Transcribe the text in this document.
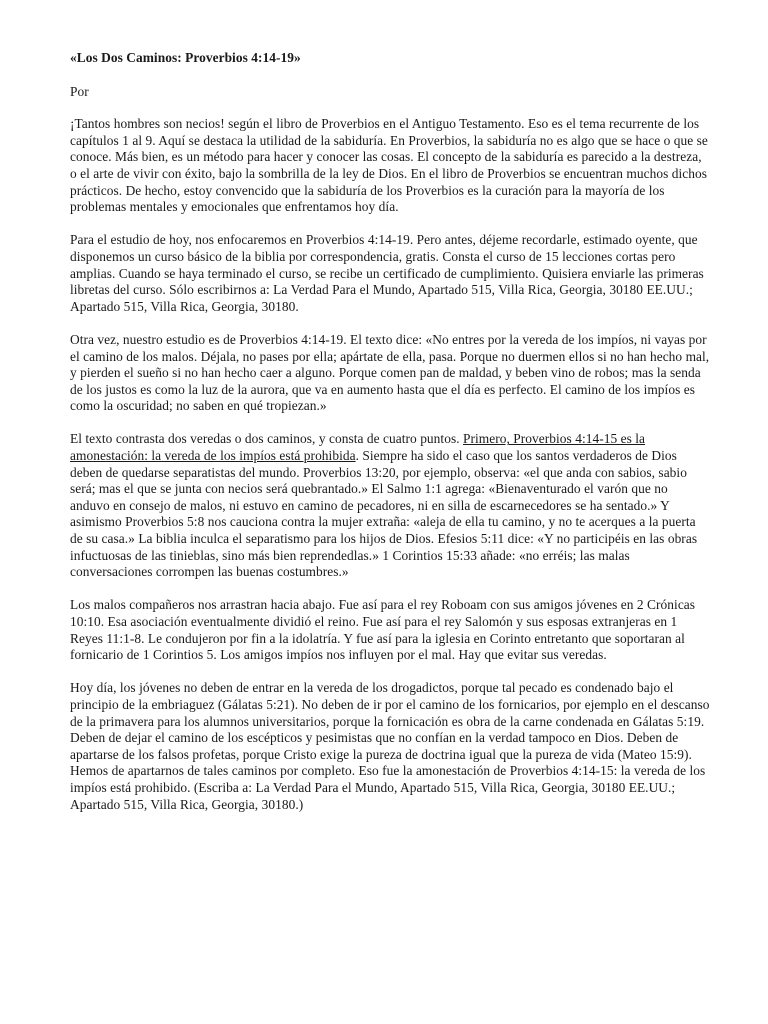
«Los Dos Caminos: Proverbios 4:14-19»
Por

¡Tantos hombres son necios! según el libro de Proverbios en el Antiguo Testamento. Eso es el tema recurrente de los capítulos 1 al 9. Aquí se destaca la utilidad de la sabiduría. En Proverbios, la sabiduría no es algo que se hace o que se conoce. Más bien, es un método para hacer y conocer las cosas. El concepto de la sabiduría es parecido a la destreza, o el arte de vivir con éxito, bajo la sombrilla de la ley de Dios. En el libro de Proverbios se encuentran muchos dichos prácticos. De hecho, estoy convencido que la sabiduría de los Proverbios es la curación para la mayoría de los problemas mentales y emocionales que enfrentamos hoy día.

Para el estudio de hoy, nos enfocaremos en Proverbios 4:14-19. Pero antes, déjeme recordarle, estimado oyente, que disponemos un curso básico de la biblia por correspondencia, gratis. Consta el curso de 15 lecciones cortas pero amplias. Cuando se haya terminado el curso, se recibe un certificado de cumplimiento. Quisiera enviarle las primeras libretas del curso. Sólo escribirnos a: La Verdad Para el Mundo, Apartado 515, Villa Rica, Georgia, 30180 EE.UU.; Apartado 515, Villa Rica, Georgia, 30180.

Otra vez, nuestro estudio es de Proverbios 4:14-19. El texto dice: «No entres por la vereda de los impíos, ni vayas por el camino de los malos. Déjala, no pases por ella; apártate de ella, pasa. Porque no duermen ellos si no han hecho mal, y pierden el sueño si no han hecho caer a alguno. Porque comen pan de maldad, y beben vino de robos; mas la senda de los justos es como la luz de la aurora, que va en aumento hasta que el día es perfecto. El camino de los impíos es como la oscuridad; no saben en qué tropiezan.»

El texto contrasta dos veredas o dos caminos, y consta de cuatro puntos. Primero, Proverbios 4:14-15 es la amonestación: la vereda de los impíos está prohibida. Siempre ha sido el caso que los santos verdaderos de Dios deben de quedarse separatistas del mundo. Proverbios 13:20, por ejemplo, observa: «el que anda con sabios, sabio será; mas el que se junta con necios será quebrantado.» El Salmo 1:1 agrega: «Bienaventurado el varón que no anduvo en consejo de malos, ni estuvo en camino de pecadores, ni en silla de escarnecedores se ha sentado.» Y asimismo Proverbios 5:8 nos cauciona contra la mujer extraña: «aleja de ella tu camino, y no te acerques a la puerta de su casa.» La biblia inculca el separatismo para los hijos de Dios. Efesios 5:11 dice: «Y no participéis en las obras infuctuosas de las tinieblas, sino más bien reprendedlas.» 1 Corintios 15:33 añade: «no erréis; las malas conversaciones corrompen las buenas costumbres.»

Los malos compañeros nos arrastran hacia abajo. Fue así para el rey Roboam con sus amigos jóvenes en 2 Crónicas 10:10. Esa asociación eventualmente dividió el reino. Fue así para el rey Salomón y sus esposas extranjeras en 1 Reyes 11:1-8. Le condujeron por fin a la idolatría. Y fue así para la iglesia en Corinto entretanto que soportaran al fornicario de 1 Corintios 5. Los amigos impíos nos influyen por el mal. Hay que evitar sus veredas.

Hoy día, los jóvenes no deben de entrar en la vereda de los drogadictos, porque tal pecado es condenado bajo el principio de la embriaguez (Gálatas 5:21). No deben de ir por el camino de los fornicarios, por ejemplo en el descanso de la primavera para los alumnos universitarios, porque la fornicación es obra de la carne condenada en Gálatas 5:19. Deben de dejar el camino de los escépticos y pesimistas que no confían en la verdad tampoco en Dios. Deben de apartarse de los falsos profetas, porque Cristo exige la pureza de doctrina igual que la pureza de vida (Mateo 15:9). Hemos de apartarnos de tales caminos por completo. Eso fue la amonestación de Proverbios 4:14-15: la vereda de los impíos está prohibido. (Escriba a: La Verdad Para el Mundo, Apartado 515, Villa Rica, Georgia, 30180 EE.UU.; Apartado 515, Villa Rica, Georgia, 30180.)
